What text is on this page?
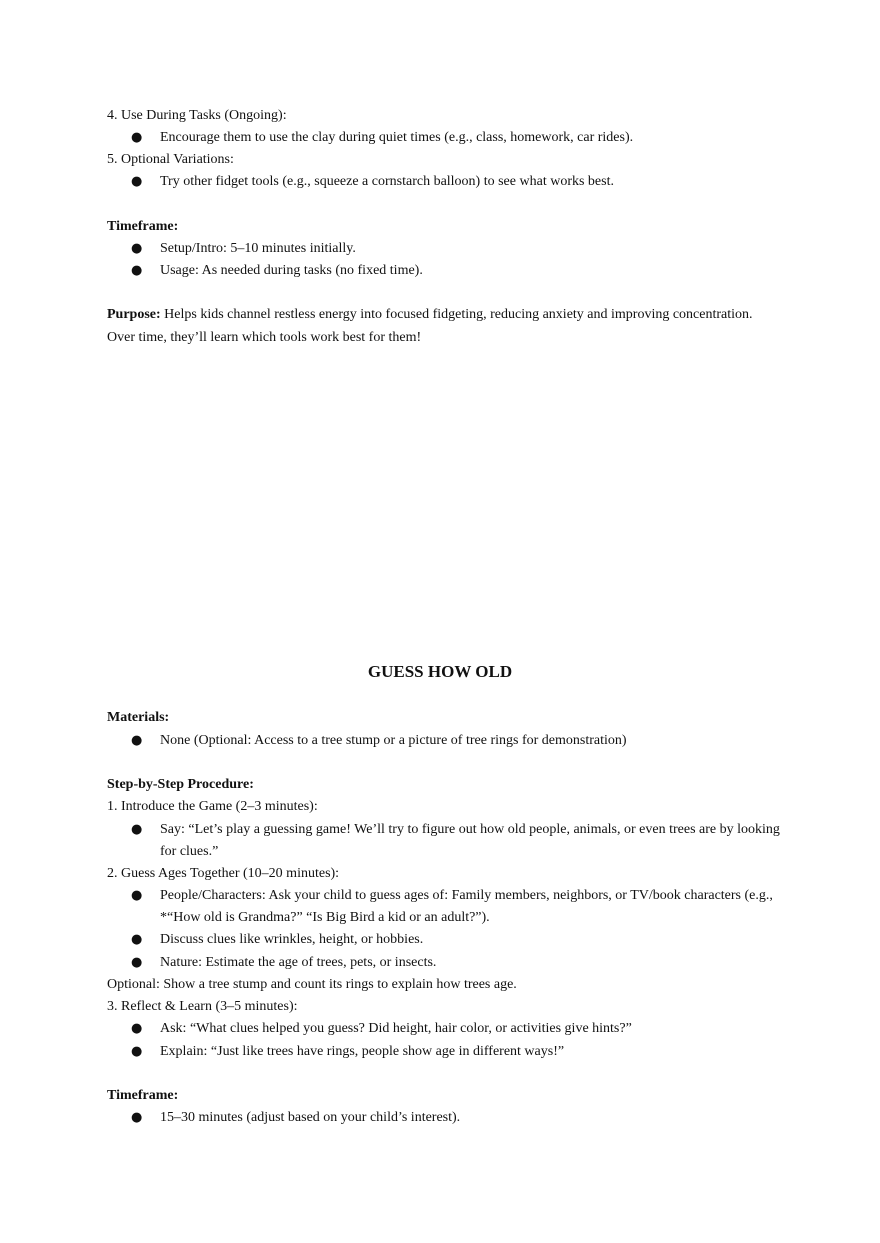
4. Use During Tasks (Ongoing):
● Encourage them to use the clay during quiet times (e.g., class, homework, car rides).
5. Optional Variations:
● Try other fidget tools (e.g., squeeze a cornstarch balloon) to see what works best.
Timeframe:
● Setup/Intro: 5–10 minutes initially.
● Usage: As needed during tasks (no fixed time).
Purpose: Helps kids channel restless energy into focused fidgeting, reducing anxiety and improving concentration.
Over time, they’ll learn which tools work best for them!
GUESS HOW OLD
Materials:
● None (Optional: Access to a tree stump or a picture of tree rings for demonstration)
Step-by-Step Procedure:
1. Introduce the Game (2–3 minutes):
● Say: “Let’s play a guessing game! We’ll try to figure out how old people, animals, or even trees are by looking
for clues.”
2. Guess Ages Together (10–20 minutes):
● People/Characters: Ask your child to guess ages of: Family members, neighbors, or TV/book characters (e.g.,
*“How old is Grandma?” “Is Big Bird a kid or an adult?”).
● Discuss clues like wrinkles, height, or hobbies.
● Nature: Estimate the age of trees, pets, or insects.
Optional: Show a tree stump and count its rings to explain how trees age.
3. Reflect & Learn (3–5 minutes):
● Ask: “What clues helped you guess? Did height, hair color, or activities give hints?”
● Explain: “Just like trees have rings, people show age in different ways!”
Timeframe:
● 15–30 minutes (adjust based on your child’s interest).
